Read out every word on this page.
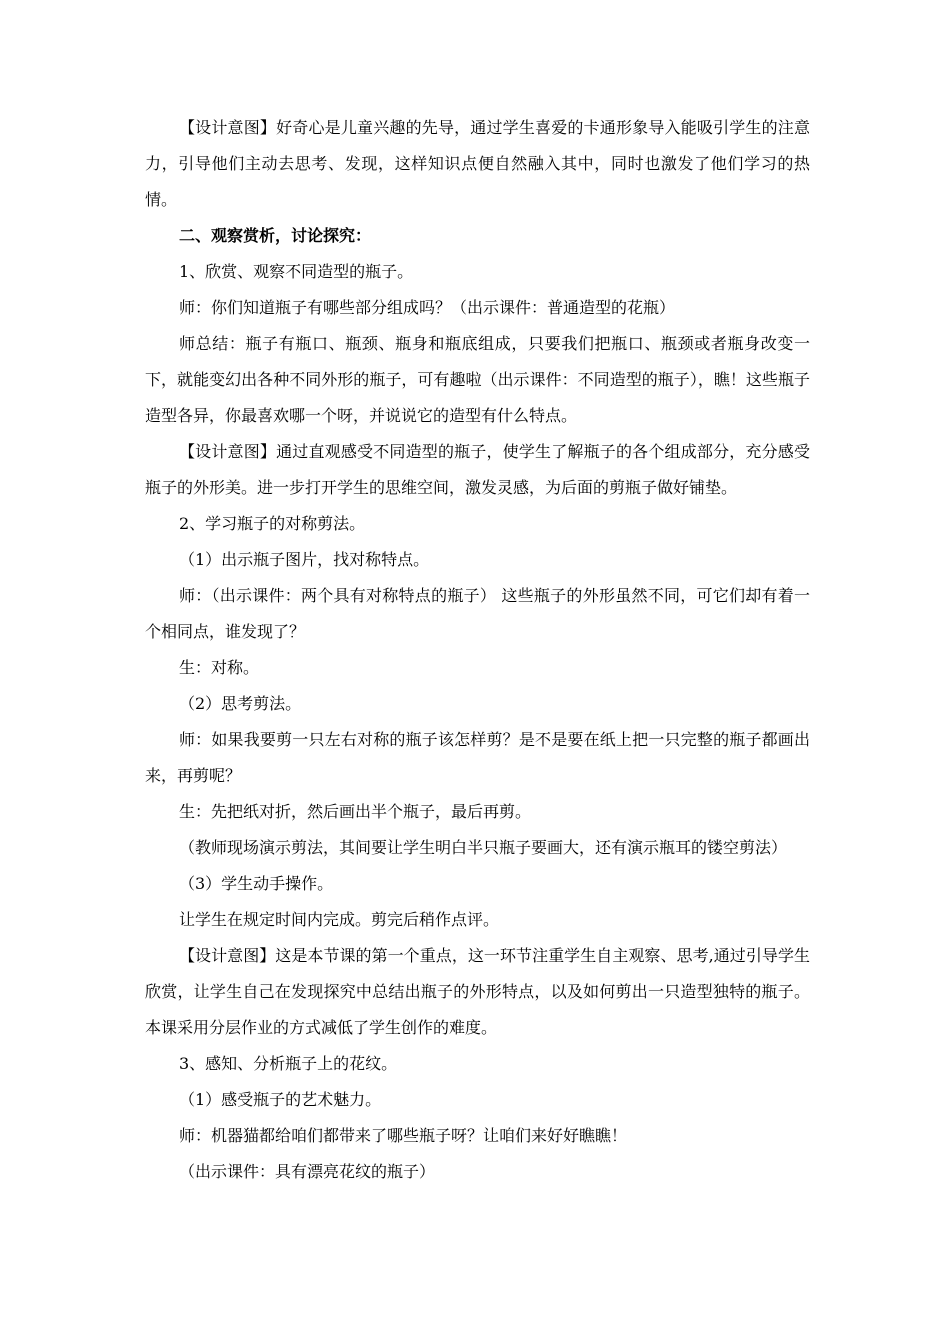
【设计意图】好奇心是儿童兴趣的先导，通过学生喜爱的卡通形象导入能吸引学生的注意力，引导他们主动去思考、发现，这样知识点便自然融入其中，同时也激发了他们学习的热情。

二、观察赏析，讨论探究：

1、欣赏、观察不同造型的瓶子。

师：你们知道瓶子有哪些部分组成吗？（出示课件：普通造型的花瓶）

师总结：瓶子有瓶口、瓶颈、瓶身和瓶底组成，只要我们把瓶口、瓶颈或者瓶身改变一下，就能变幻出各种不同外形的瓶子，可有趣啦（出示课件：不同造型的瓶子），瞧！这些瓶子造型各异，你最喜欢哪一个呀，并说说它的造型有什么特点。

【设计意图】通过直观感受不同造型的瓶子，使学生了解瓶子的各个组成部分，充分感受瓶子的外形美。进一步打开学生的思维空间，激发灵感，为后面的剪瓶子做好铺垫。

2、学习瓶子的对称剪法。

（1）出示瓶子图片，找对称特点。

师：（出示课件：两个具有对称特点的瓶子） 这些瓶子的外形虽然不同，可它们却有着一个相同点，谁发现了？

生：对称。

（2）思考剪法。

师：如果我要剪一只左右对称的瓶子该怎样剪？是不是要在纸上把一只完整的瓶子都画出来，再剪呢？

生：先把纸对折，然后画出半个瓶子，最后再剪。

（教师现场演示剪法，其间要让学生明白半只瓶子要画大，还有演示瓶耳的镂空剪法）

（3）学生动手操作。

让学生在规定时间内完成。剪完后稍作点评。

【设计意图】这是本节课的第一个重点，这一环节注重学生自主观察、思考,通过引导学生欣赏，让学生自己在发现探究中总结出瓶子的外形特点，以及如何剪出一只造型独特的瓶子。本课采用分层作业的方式减低了学生创作的难度。

3、感知、分析瓶子上的花纹。

（1）感受瓶子的艺术魅力。

师：机器猫都给咱们都带来了哪些瓶子呀？让咱们来好好瞧瞧！

（出示课件：具有漂亮花纹的瓶子）
